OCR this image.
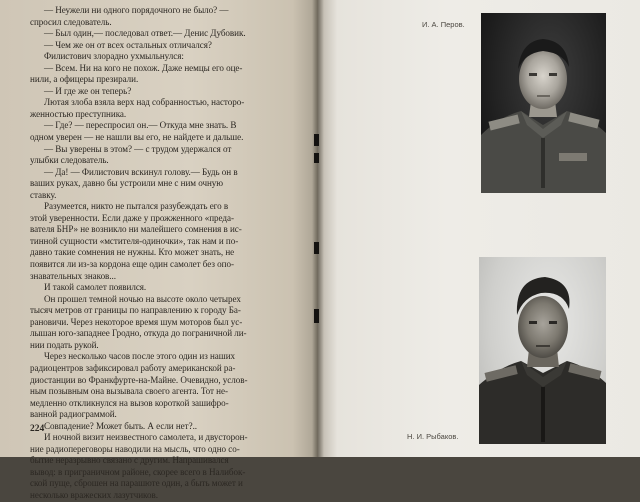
— Неужели ни одного порядочного не было? —
спросил следователь.
— Был один,— последовал ответ.— Денис Дубовик.
— Чем же он от всех остальных отличался?
Филистович злорадно ухмыльнулся:
— Всем. Ни на кого не похож. Даже немцы его оце-
нили, а офицеры презирали.
— И где же он теперь?
Лютая злоба взяла верх над собранностью, насторо-
женностью преступника.
— Где? — переспросил он.— Откуда мне знать. В
одном уверен — не нашли вы его, не найдете и дальше.
— Вы уверены в этом? — с трудом удержался от
улыбки следователь.
— Да! — Филистович вскинул голову.— Будь он в
ваших руках, давно бы устроили мне с ним очную
ставку.
Разумеется, никто не пытался разубеждать его в
этой уверенности. Если даже у прожженного «преда-
вателя БНР» не возникло ни малейшего сомнения в ис-
тинной сущности «мстителя-одиночки», так нам и по-
давно такие сомнения не нужны. Кто может знать, не
появится ли из-за кордона еще один самолет без опо-
знавательных знаков...
И такой самолет появился.
Он прошел темной ночью на высоте около четырех
тысяч метров от границы по направлению к городу Ба-
рановичи. Через некоторое время шум моторов был ус-
лышан юго-западнее Гродно, откуда до пограничной ли-
нии подать рукой.
Через несколько часов после этого один из наших
радиоцентров зафиксировал работу американской ра-
диостанции во Франкфурте-на-Майне. Очевидно, услов-
ным позывным она вызывала своего агента. Тот не-
медленно откликнулся на вызов короткой зашифро-
ванной радиограммой.
Совпадение? Может быть. А если нет?..
И ночной визит неизвестного самолета, и двусторон-
ние радиопереговоры наводили на мысль, что одно со-
бытие неразрывно связано с другим. Напрашивался
вывод: в приграничном районе, скорее всего в Налибок-
ской пуще, сброшен на парашюте один, а быть может и
несколько вражеских лазутчиков.
224
И. А. Перов.
Н. И. Рыбаков.
